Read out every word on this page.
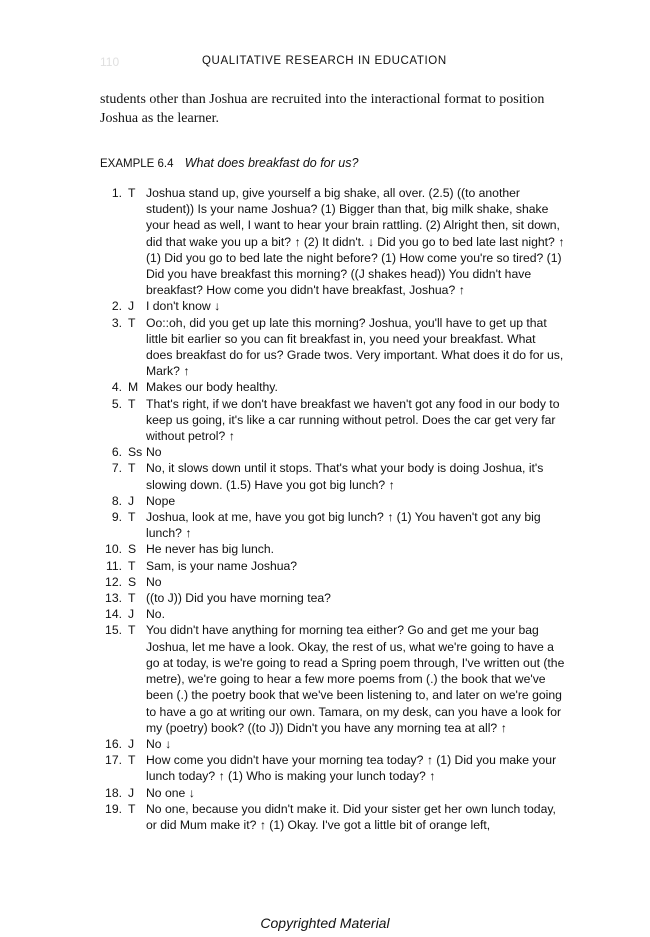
110	QUALITATIVE RESEARCH IN EDUCATION

students other than Joshua are recruited into the interactional format to position Joshua as the learner.

EXAMPLE 6.4 What does breakfast do for us?
1. T Joshua stand up, give yourself a big shake, all over. (2.5) ((to another student)) Is your name Joshua? (1) Bigger than that, big milk shake, shake your head as well, I want to hear your brain rattling. (2) Alright then, sit down, did that wake you up a bit? ↑ (2) It didn't. ↓ Did you go to bed late last night? ↑ (1) Did you go to bed late the night before? (1) How come you're so tired? (1) Did you have breakfast this morning? ((J shakes head)) You didn't have breakfast? How come you didn't have breakfast, Joshua? ↑
2. J I don't know ↓
3. T Oo::oh, did you get up late this morning? Joshua, you'll have to get up that little bit earlier so you can fit breakfast in, you need your breakfast. What does breakfast do for us? Grade twos. Very important. What does it do for us, Mark? ↑
4. M Makes our body healthy.
5. T That's right, if we don't have breakfast we haven't got any food in our body to keep us going, it's like a car running without petrol. Does the car get very far without petrol? ↑
6. Ss No
7. T No, it slows down until it stops. That's what your body is doing Joshua, it's slowing down. (1.5) Have you got big lunch? ↑
8. J Nope
9. T Joshua, look at me, have you got big lunch? ↑ (1) You haven't got any big lunch? ↑
10. S He never has big lunch.
11. T Sam, is your name Joshua?
12. S No
13. T ((to J)) Did you have morning tea?
14. J No.
15. T You didn't have anything for morning tea either? Go and get me your bag Joshua, let me have a look. Okay, the rest of us, what we're going to have a go at today, is we're going to read a Spring poem through, I've written out (the metre), we're going to hear a few more poems from (.) the book that we've been (.) the poetry book that we've been listening to, and later on we're going to have a go at writing our own. Tamara, on my desk, can you have a look for my (poetry) book? ((to J)) Didn't you have any morning tea at all? ↑
16. J No ↓
17. T How come you didn't have your morning tea today? ↑ (1) Did you make your lunch today? ↑ (1) Who is making your lunch today? ↑
18. J No one ↓
19. T No one, because you didn't make it. Did your sister get her own lunch today, or did Mum make it? ↑ (1) Okay. I've got a little bit of orange left,
Copyrighted Material
